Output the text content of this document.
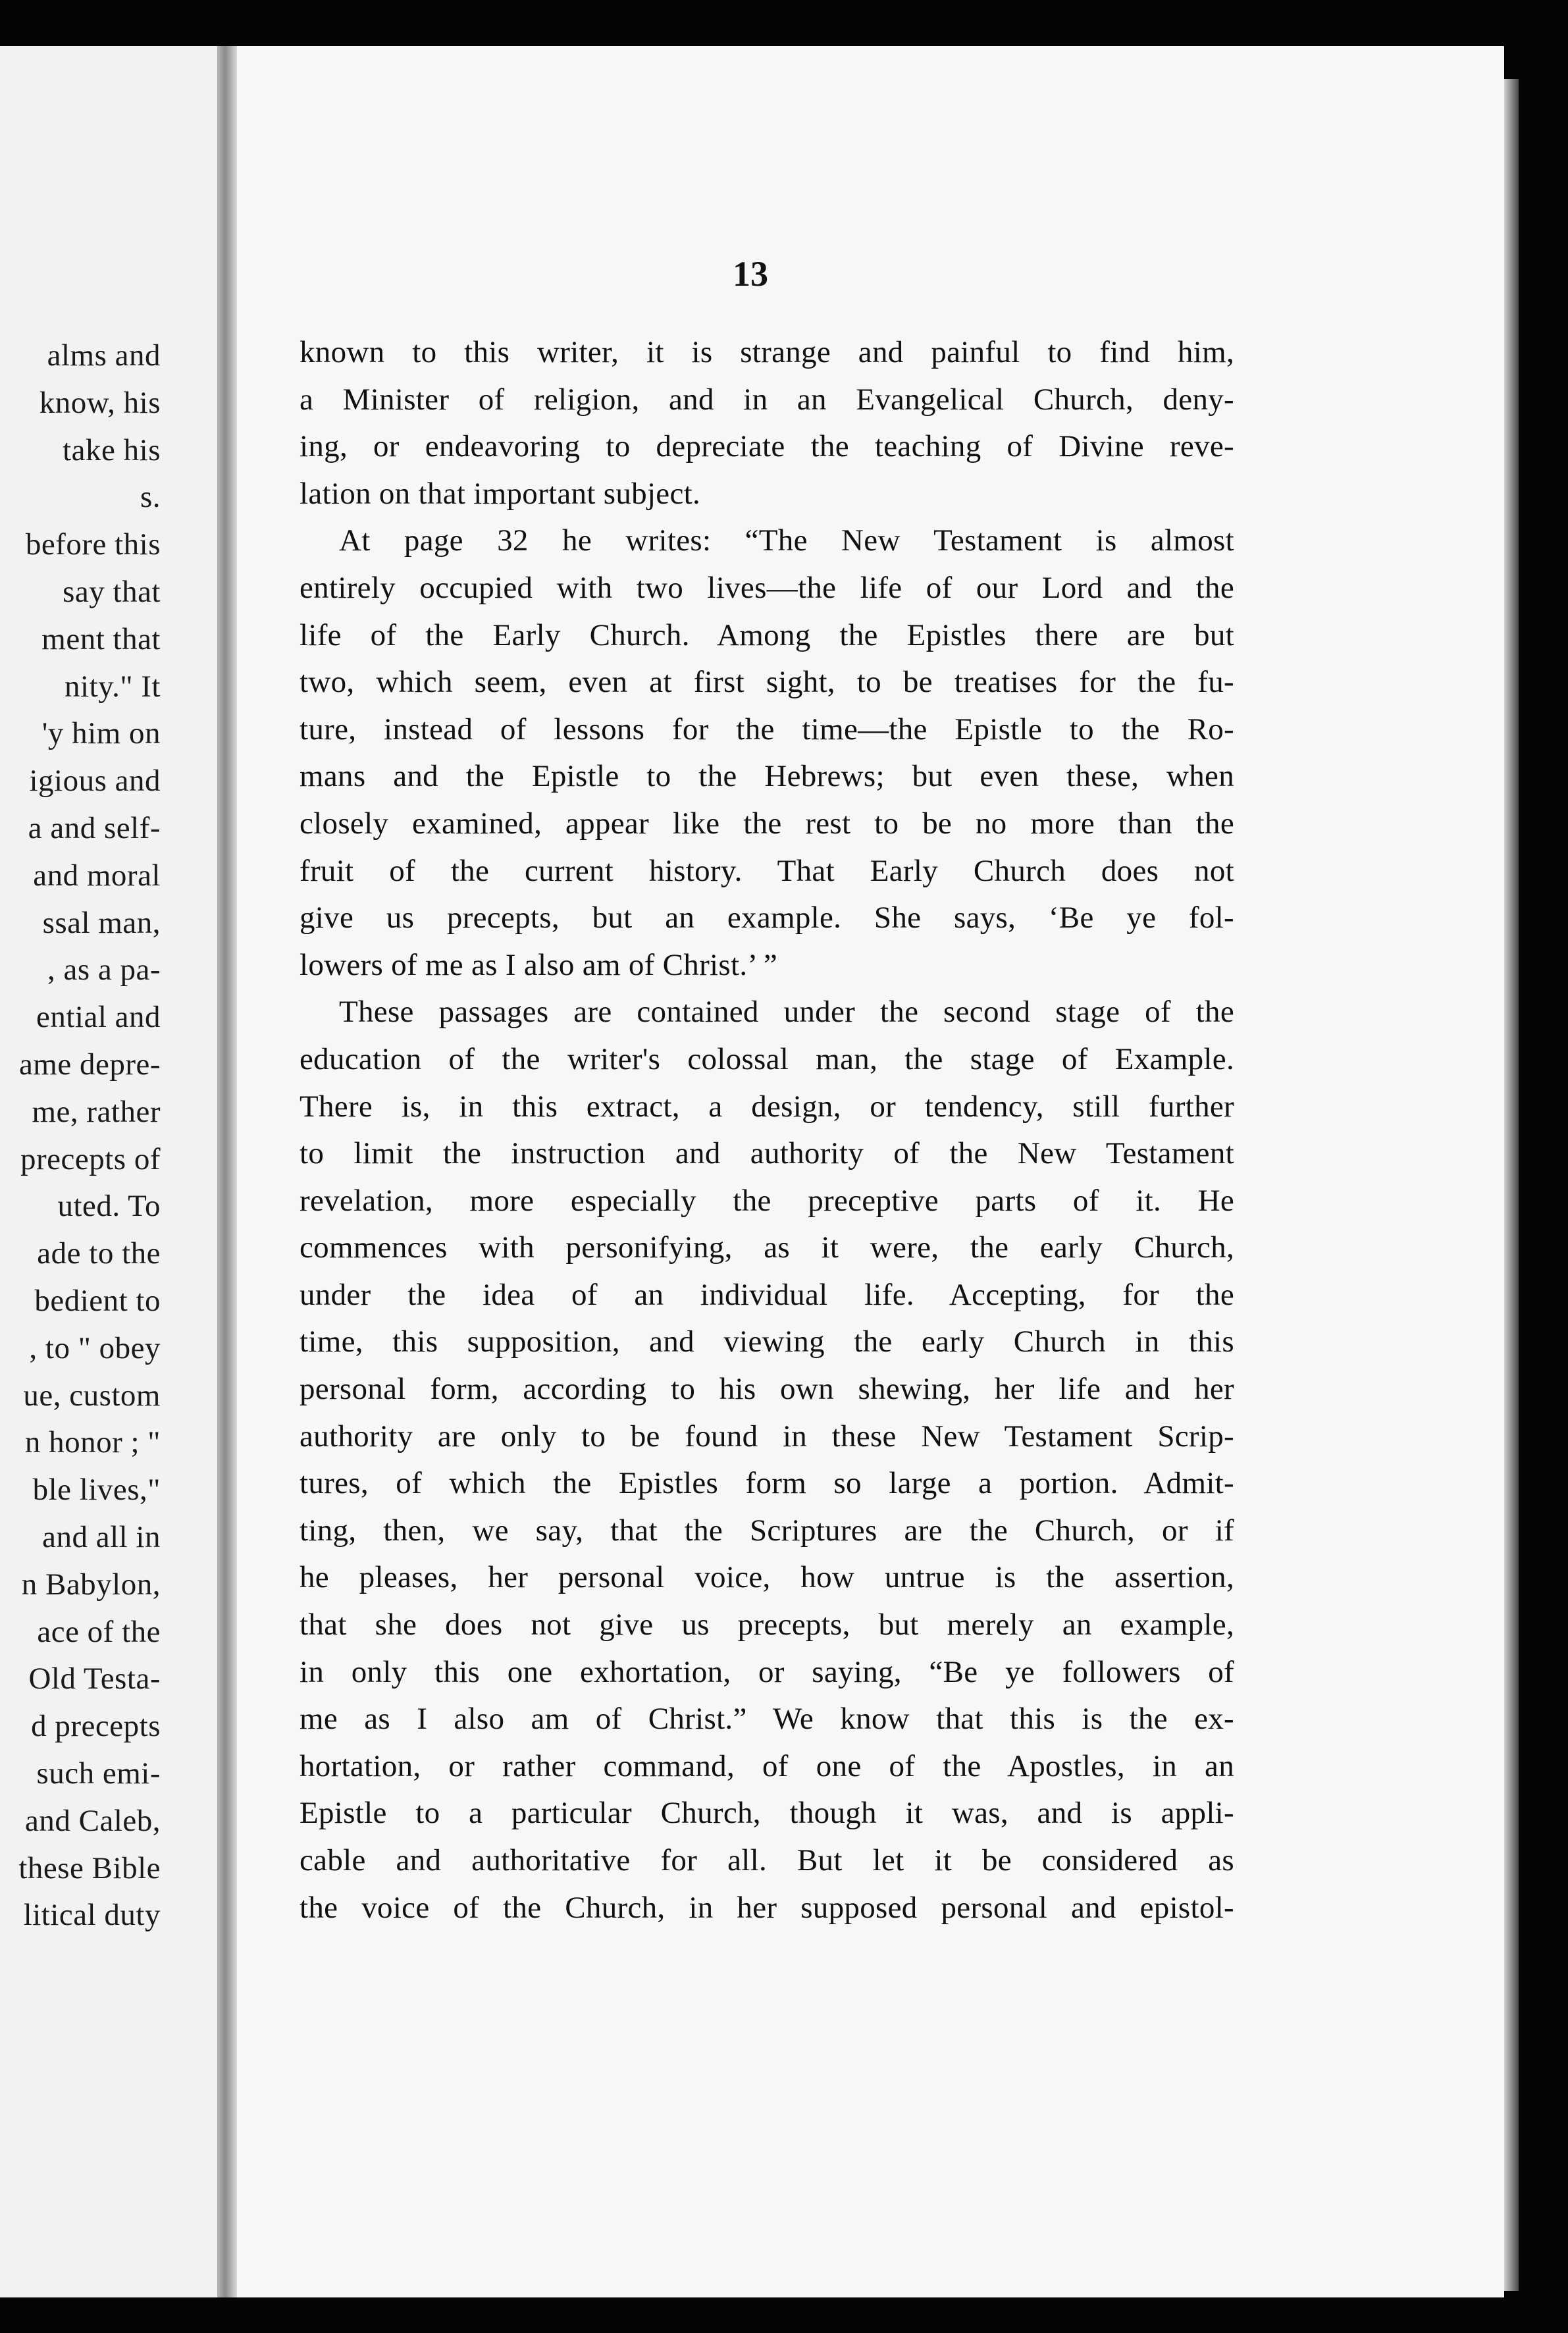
alms and
know, his
take his
s.
before this
say that
ment that
nity." It
'y him on
igious and
a and self-
and moral
ssal man,
, as a pa-
ential and
ame depre-
me, rather
precepts of
uted. To
ade to the
bedient to
, to " obey
ue, custom
n honor ; "
ble lives,"
and all in
n Babylon,
ace of the
Old Testa-
d precepts
such emi-
and Caleb,
these Bible
litical duty
13
known to this writer, it is strange and painful to find him,
a Minister of religion, and in an Evangelical Church, deny-
ing, or endeavoring to depreciate the teaching of Divine reve-
lation on that important subject.
At page 32 he writes: “The New Testament is almost
entirely occupied with two lives—the life of our Lord and the
life of the Early Church. Among the Epistles there are but
two, which seem, even at first sight, to be treatises for the fu-
ture, instead of lessons for the time—the Epistle to the Ro-
mans and the Epistle to the Hebrews; but even these, when
closely examined, appear like the rest to be no more than the
fruit of the current history. That Early Church does not
give us precepts, but an example. She says, ‘Be ye fol-
lowers of me as I also am of Christ.’ ”
These passages are contained under the second stage of the
education of the writer's colossal man, the stage of Example.
There is, in this extract, a design, or tendency, still further
to limit the instruction and authority of the New Testament
revelation, more especially the preceptive parts of it. He
commences with personifying, as it were, the early Church,
under the idea of an individual life. Accepting, for the
time, this supposition, and viewing the early Church in this
personal form, according to his own shewing, her life and her
authority are only to be found in these New Testament Scrip-
tures, of which the Epistles form so large a portion. Admit-
ting, then, we say, that the Scriptures are the Church, or if
he pleases, her personal voice, how untrue is the assertion,
that she does not give us precepts, but merely an example,
in only this one exhortation, or saying, “Be ye followers of
me as I also am of Christ.” We know that this is the ex-
hortation, or rather command, of one of the Apostles, in an
Epistle to a particular Church, though it was, and is appli-
cable and authoritative for all. But let it be considered as
the voice of the Church, in her supposed personal and epistol-
